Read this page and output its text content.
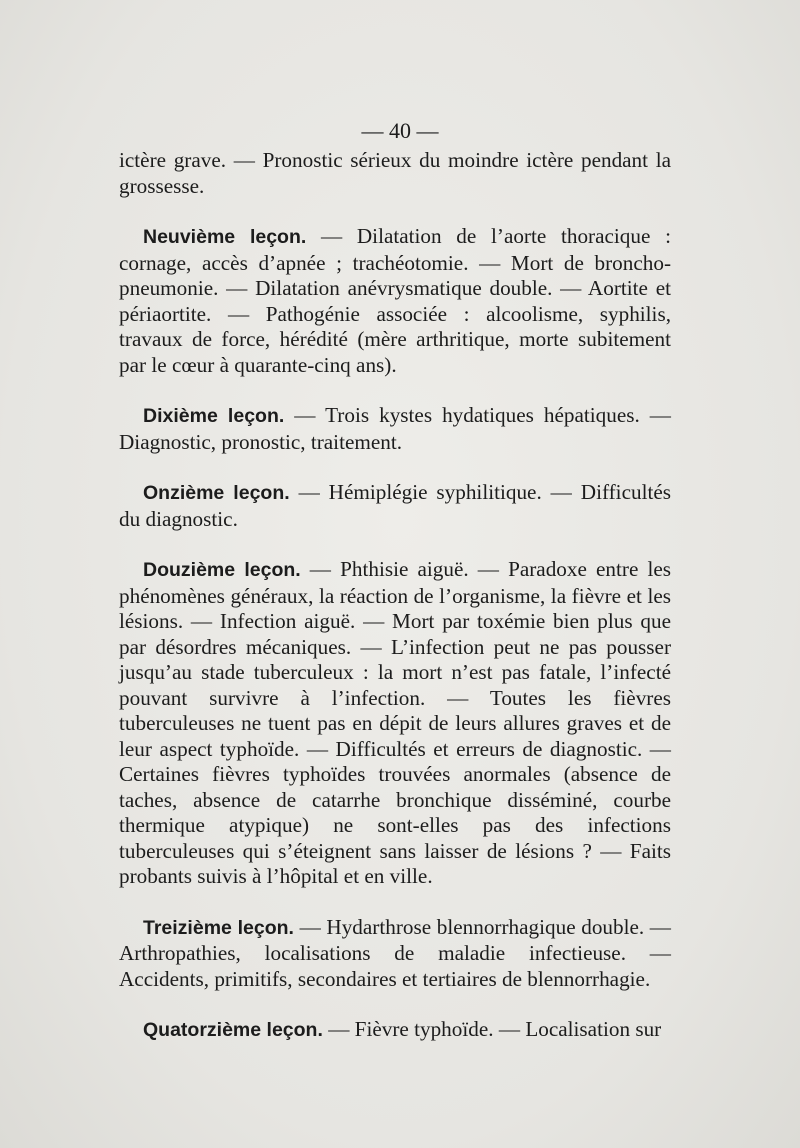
— 40 —

ictère grave. — Pronostic sérieux du moindre ictère pendant la grossesse.

Neuvième leçon. — Dilatation de l’aorte thoracique : cornage, accès d’apnée ; trachéotomie. — Mort de broncho-pneumonie. — Dilatation anévrysmatique double. — Aortite et périaortite. — Pathogénie associée : alcoolisme, syphilis, travaux de force, hérédité (mère arthritique, morte subitement par le cœur à quarante-cinq ans).

Dixième leçon. — Trois kystes hydatiques hépatiques. — Diagnostic, pronostic, traitement.

Onzième leçon. — Hémiplégie syphilitique. — Difficultés du diagnostic.

Douzième leçon. — Phthisie aiguë. — Paradoxe entre les phénomènes généraux, la réaction de l’organisme, la fièvre et les lésions. — Infection aiguë. — Mort par toxémie bien plus que par désordres mécaniques. — L’infection peut ne pas pousser jusqu’au stade tuberculeux : la mort n’est pas fatale, l’infecté pouvant survivre à l’infection. — Toutes les fièvres tuberculeuses ne tuent pas en dépit de leurs allures graves et de leur aspect typhoïde. — Difficultés et erreurs de diagnostic. — Certaines fièvres typhoïdes trouvées anormales (absence de taches, absence de catarrhe bronchique disséminé, courbe thermique atypique) ne sont-elles pas des infections tuberculeuses qui s’éteignent sans laisser de lésions ? — Faits probants suivis à l’hôpital et en ville.

Treizième leçon. — Hydarthrose blennorrhagique double. — Arthropathies, localisations de maladie infectieuse. — Accidents, primitifs, secondaires et tertiaires de blennorrhagie.

Quatorzième leçon. — Fièvre typhoïde. — Localisation sur
